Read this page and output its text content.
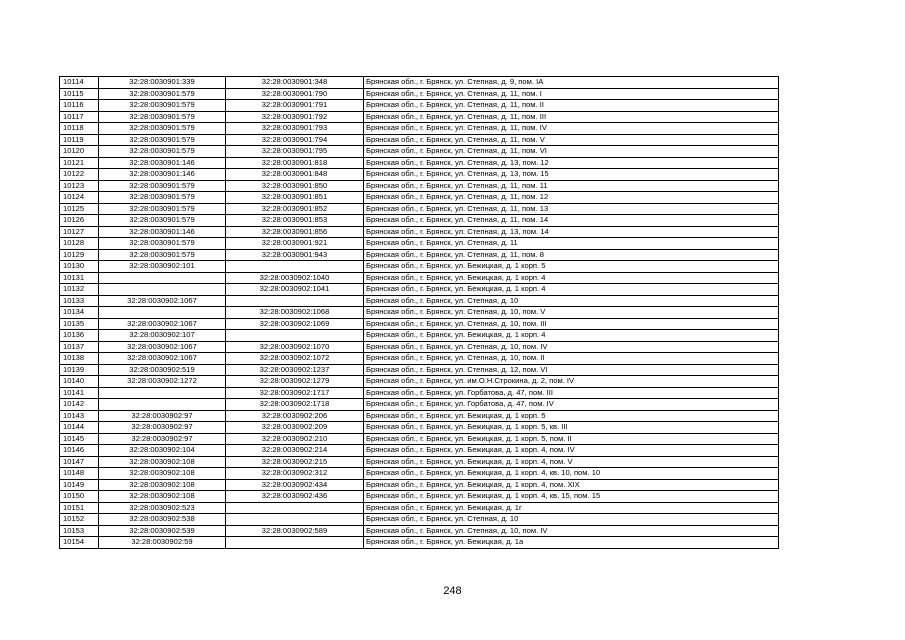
10114	32:28:0030901:339	32:28:0030901:348	Брянская обл., г. Брянск, ул. Степная, д. 9, пом. IA
10115	32:28:0030901:579	32:28:0030901:790	Брянская обл., г. Брянск, ул. Степная, д. 11, пом. I
10116	32:28:0030901:579	32:28:0030901:791	Брянская обл., г. Брянск, ул. Степная, д. 11, пом. II
10117	32:28:0030901:579	32:28:0030901:792	Брянская обл., г. Брянск, ул. Степная, д. 11, пом. III
10118	32:28:0030901:579	32:28:0030901:793	Брянская обл., г. Брянск, ул. Степная, д. 11, пом. IV
10119	32:28:0030901:579	32:28:0030901:794	Брянская обл., г. Брянск, ул. Степная, д. 11, пом. V
10120	32:28:0030901:579	32:28:0030901:795	Брянская обл., г. Брянск, ул. Степная, д. 11, пом. VI
10121	32:28:0030901:146	32:28:0030901:818	Брянская обл., г. Брянск, ул. Степная, д. 13, пом. 12
10122	32:28:0030901:146	32:28:0030901:848	Брянская обл., г. Брянск, ул. Степная, д. 13, пом. 15
10123	32:28:0030901:579	32:28:0030901:850	Брянская обл., г. Брянск, ул. Степная, д. 11, пом. 11
10124	32:28:0030901:579	32:28:0030901:851	Брянская обл., г. Брянск, ул. Степная, д. 11, пом. 12
10125	32:28:0030901:579	32:28:0030901:852	Брянская обл., г. Брянск, ул. Степная, д. 11, пом. 13
10126	32:28:0030901:579	32:28:0030901:853	Брянская обл., г. Брянск, ул. Степная, д. 11, пом. 14
10127	32:28:0030901:146	32:28:0030901:856	Брянская обл., г. Брянск, ул. Степная, д. 13, пом. 14
10128	32:28:0030901:579	32:28:0030901:921	Брянская обл., г. Брянск, ул. Степная, д. 11
10129	32:28:0030901:579	32:28:0030901:943	Брянская обл., г. Брянск, ул. Степная, д. 11, пом. 8
10130	32:28:0030902:101		Брянская обл., г. Брянск, ул. Бежицкая, д. 1 корп. 5
10131		32:28:0030902:1040	Брянская обл., г. Брянск, ул. Бежицкая, д. 1 корп. 4
10132		32:28:0030902:1041	Брянская обл., г. Брянск, ул. Бежицкая, д. 1 корп. 4
10133	32:28:0030902:1067		Брянская обл., г. Брянск, ул. Степная, д. 10
10134		32:28:0030902:1068	Брянская обл., г. Брянск, ул. Степная, д. 10, пом. V
10135	32:28:0030902:1067	32:28:0030902:1069	Брянская обл., г. Брянск, ул. Степная, д. 10, пом. III
10136	32:28:0030902:107		Брянская обл., г. Брянск, ул. Бежицкая, д. 1 корп. 4
10137	32:28:0030902:1067	32:28:0030902:1070	Брянская обл., г. Брянск, ул. Степная, д. 10, пом. IV
10138	32:28:0030902:1067	32:28:0030902:1072	Брянская обл., г. Брянск, ул. Степная, д. 10, пом. II
10139	32:28:0030902:519	32:28:0030902:1237	Брянская обл., г. Брянск, ул. Степная, д. 12, пом. VI
10140	32:28:0030902:1272	32:28:0030902:1279	Брянская обл., г. Брянск, ул. им.О.Н.Строкина, д. 2, пом. IV
10141		32:28:0030902:1717	Брянская обл., г. Брянск, ул. Горбатова, д. 47, пом. III
10142		32:28:0030902:1718	Брянская обл., г. Брянск, ул. Горбатова, д. 47, пом. IV
10143	32:28:0030902:97	32:28:0030902:206	Брянская обл., г. Брянск, ул. Бежицкая, д. 1 корп. 5
10144	32:28:0030902:97	32:28:0030902:209	Брянская обл., г. Брянск, ул. Бежицкая, д. 1 корп. 5, кв. III
10145	32:28:0030902:97	32:28:0030902:210	Брянская обл., г. Брянск, ул. Бежицкая, д. 1 корп. 5, пом. II
10146	32:28:0030902:104	32:28:0030902:214	Брянская обл., г. Брянск, ул. Бежицкая, д. 1 корп. 4, пом. IV
10147	32:28:0030902:108	32:28:0030902:215	Брянская обл., г. Брянск, ул. Бежицкая, д. 1 корп. 4, пом. V
10148	32:28:0030902:108	32:28:0030902:312	Брянская обл., г. Брянск, ул. Бежицкая, д. 1 корп. 4, кв. 10, пом. 10
10149	32:28:0030902:108	32:28:0030902:434	Брянская обл., г. Брянск, ул. Бежицкая, д. 1 корп. 4, пом. XIX
10150	32:28:0030902:108	32:28:0030902:436	Брянская обл., г. Брянск, ул. Бежицкая, д. 1 корп. 4, кв. 15, пом. 15
10151	32:28:0030902:523		Брянская обл., г. Брянск, ул. Бежицкая, д. 1г
10152	32:28:0030902:538		Брянская обл., г. Брянск, ул. Степная, д. 10
10153	32:28:0030902:539	32:28:0030902:589	Брянская обл., г. Брянск, ул. Степная, д. 10, пом. IV
10154	32:28:0030902:59		Брянская обл., г. Брянск, ул. Бежицкая, д. 1а
248
